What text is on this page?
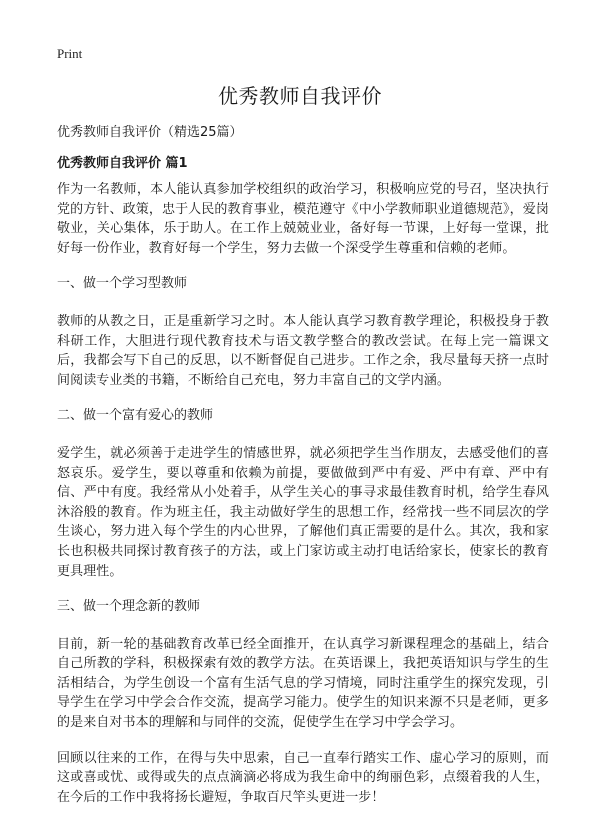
Print
优秀教师自我评价

优秀教师自我评价（精选25篇）

优秀教师自我评价 篇1

作为一名教师，本人能认真参加学校组织的政治学习，积极响应党的号召，坚决执行党的方针、政策，忠于人民的教育事业，模范遵守《中小学教师职业道德规范》，爱岗敬业，关心集体，乐于助人。在工作上兢兢业业，备好每一节课，上好每一堂课，批好每一份作业，教育好每一个学生，努力去做一个深受学生尊重和信赖的老师。

一、做一个学习型教师

教师的从教之日，正是重新学习之时。本人能认真学习教育教学理论，积极投身于教科研工作，大胆进行现代教育技术与语文教学整合的教改尝试。在每上完一篇课文后，我都会写下自己的反思，以不断督促自己进步。工作之余，我尽量每天挤一点时间阅读专业类的书籍，不断给自己充电，努力丰富自己的文学内涵。

二、做一个富有爱心的教师

爱学生，就必须善于走进学生的情感世界，就必须把学生当作朋友，去感受他们的喜怒哀乐。爱学生，要以尊重和依赖为前提，要做做到严中有爱、严中有章、严中有信、严中有度。我经常从小处着手，从学生关心的事寻求最佳教育时机，给学生春风沐浴般的教育。作为班主任，我主动做好学生的思想工作，经常找一些不同层次的学生谈心，努力进入每个学生的内心世界，了解他们真正需要的是什么。其次，我和家长也积极共同探讨教育孩子的方法，或上门家访或主动打电话给家长，使家长的教育更具理性。

三、做一个理念新的教师

目前，新一轮的基础教育改革已经全面推开，在认真学习新课程理念的基础上，结合自己所教的学科，积极探索有效的教学方法。在英语课上，我把英语知识与学生的生活相结合，为学生创设一个富有生活气息的学习情境，同时注重学生的探究发现，引导学生在学习中学会合作交流，提高学习能力。使学生的知识来源不只是老师，更多的是来自对书本的理解和与同伴的交流，促使学生在学习中学会学习。

回顾以往来的工作，在得与失中思索，自己一直奉行踏实工作、虚心学习的原则，而这或喜或忧、或得或失的点点滴滴必将成为我生命中的绚丽色彩，点缀着我的人生，在今后的工作中我将扬长避短，争取百尺竿头更进一步！
